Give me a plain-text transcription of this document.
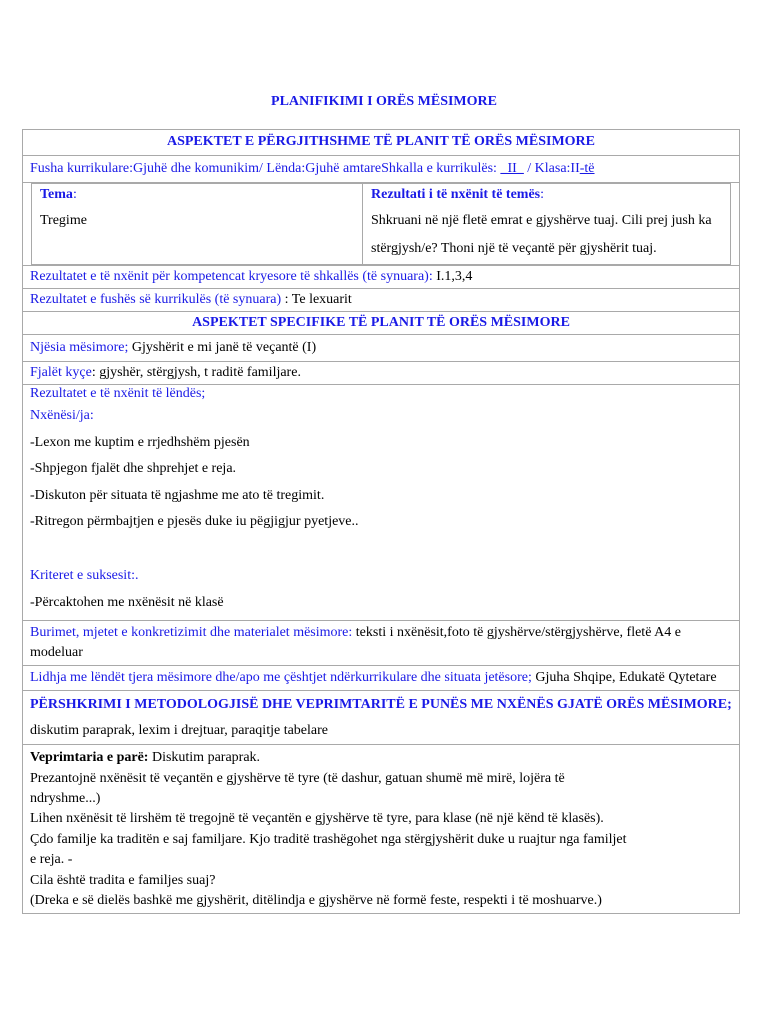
PLANIFIKIMI I ORËS MËSIMORE
ASPEKTET E PËRGJITHSHME TË PLANIT TË ORËS MËSIMORE
Fusha kurrikulare:Gjuhë dhe komunikim/ Lënda:Gjuhë amtareShkalla e kurrikulës: _II_ / Klasa:II-të
Tema:
Tregime
Rezultati i të nxënit të temës:
Shkruani në një fletë emrat e gjyshërve tuaj. Cili prej jush ka stërgjysh/e? Thoni një të veçantë për gjyshërit tuaj.
Rezultatet e të nxënit për kompetencat kryesore të shkallës (të synuara): I.1,3,4
Rezultatet e fushës së kurrikulës (të synuara) : Te lexuarit
ASPEKTET SPECIFIKE TË PLANIT TË ORËS MËSIMORE
Njësia mësimore; Gjyshërit e mi janë të veçantë (I)
Fjalët kyçe: gjyshër, stërgjysh, t raditë familjare.

Rezultatet e të nxënit të lëndës;

Nxënësi/ja:

-Lexon me kuptim e rrjedhshëm pjesën

-Shpjegon fjalët dhe shprehjet e reja.

-Diskuton për situata të ngjashme me ato të tregimit.

-Ritregon përmbajtjen e pjesës duke iu pëgjigjur pyetjeve..

Kriteret e suksesit:.

-Përcaktohen me nxënësit në klasë

Burimet, mjetet e konkretizimit dhe materialet mësimore: teksti i nxënësit,foto të gjyshërve/stërgjyshërve, fletë A4 e modeluar
Lidhja me lëndët tjera mësimore dhe/apo me çështjet ndërkurrikulare dhe situata jetësore; Gjuha Shqipe, Edukatë Qytetare
PËRSHKRIMI I METODOLOGJISË DHE VEPRIMTARITË E PUNËS ME NXËNËS GJATË ORËS MËSIMORE; diskutim paraprak, lexim i drejtuar, paraqitje tabelare

Veprimtaria e parë: Diskutim paraprak.

Prezantojnë nxënësit të veçantën e gjyshërve të tyre (të dashur, gatuan shumë më mirë, lojëra të

ndryshme...)

Lihen nxënësit të lirshëm të tregojnë të veçantën e gjyshërve të tyre, para klase (në një kënd të klasës).

Çdo familje ka traditën e saj familjare. Kjo traditë trashëgohet nga stërgjyshërit duke u ruajtur nga familjet

e reja. -

Cila është tradita e familjes suaj?

(Dreka e së dielës bashkë me gjyshërit, ditëlindja e gjyshërve në formë feste, respekti i të moshuarve.)
